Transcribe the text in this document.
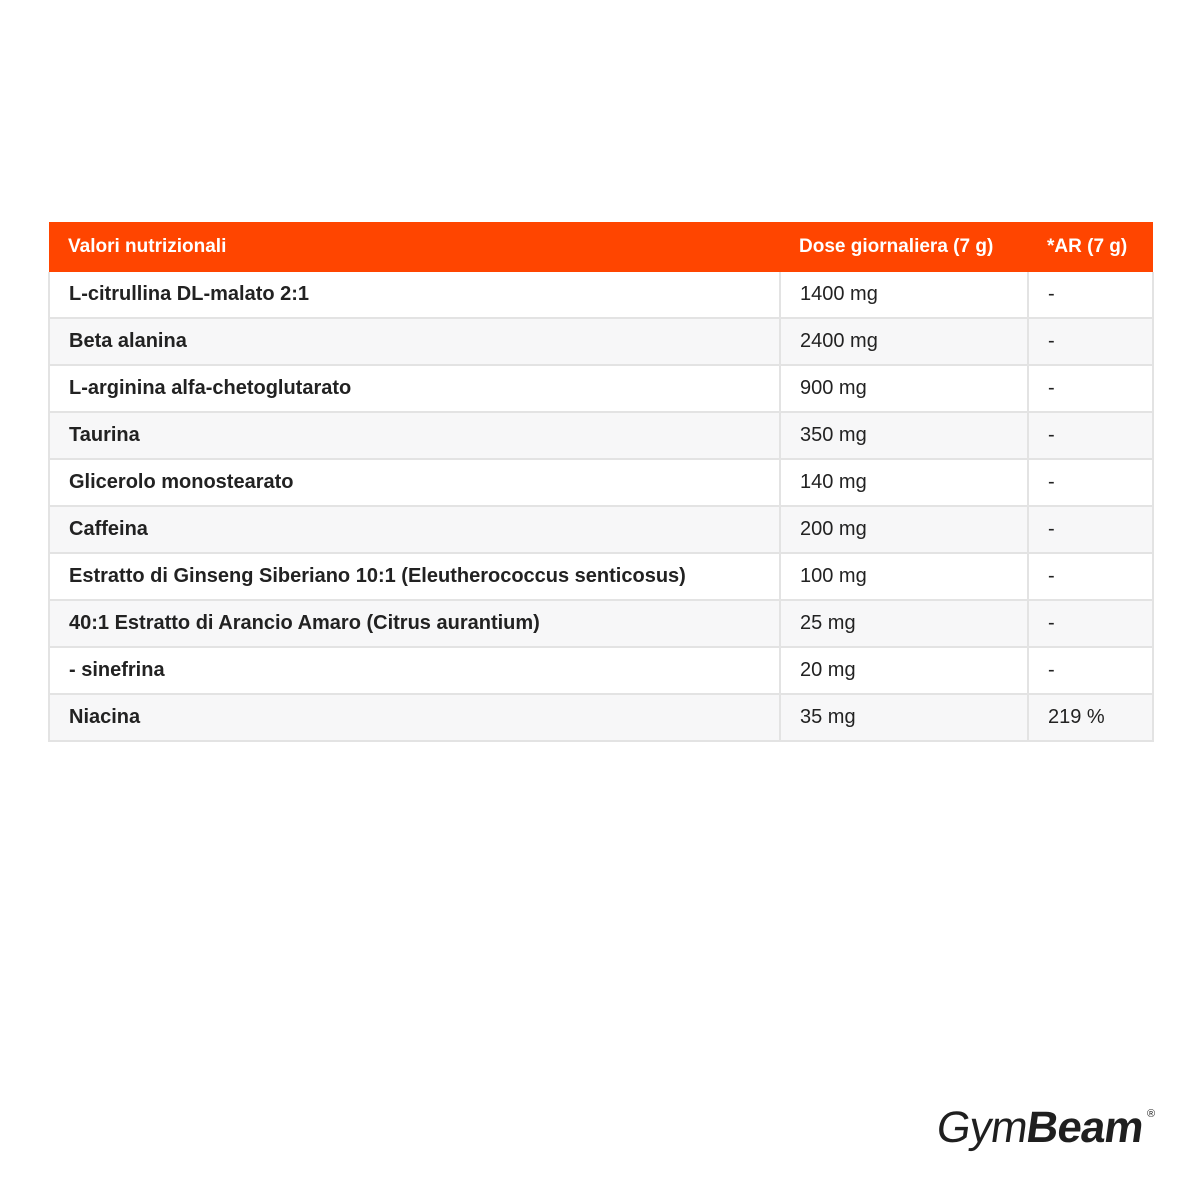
Valori nutrizionali	Dose giornaliera (7 g)	*AR (7 g)
L-citrullina DL-malato 2:1	1400 mg	-
Beta alanina	2400 mg	-
L-arginina alfa-chetoglutarato	900 mg	-
Taurina	350 mg	-
Glicerolo monostearato	140 mg	-
Caffeina	200 mg	-
Estratto di Ginseng Siberiano 10:1 (Eleutherococcus senticosus)	100 mg	-
40:1 Estratto di Arancio Amaro (Citrus aurantium)	25 mg	-
- sinefrina	20 mg	-
Niacina	35 mg	219 %
Gym
Beam ®
